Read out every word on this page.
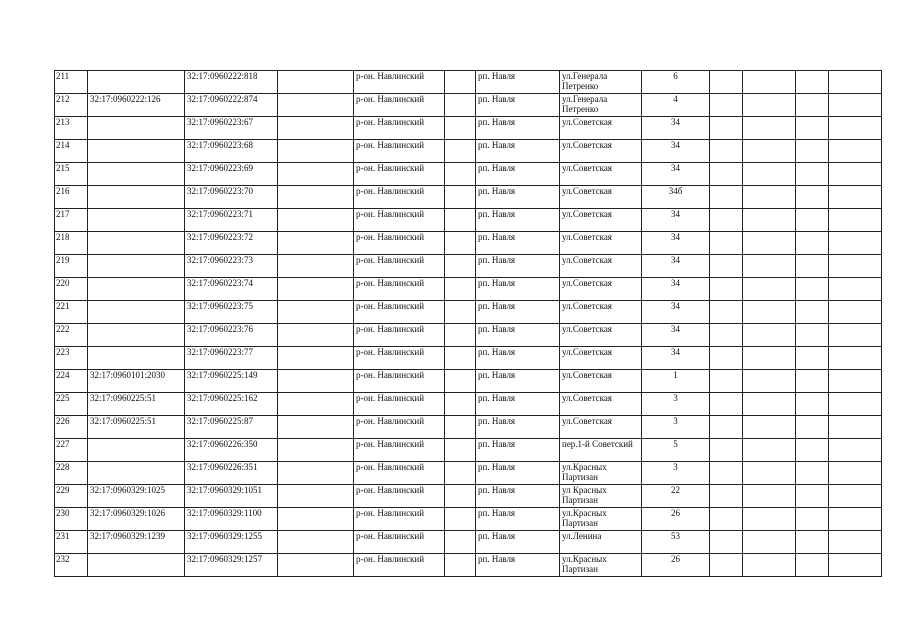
211		32:17:0960222:818		р-он. Навлинский		рп. Навля	ул.Генерала Петренко	6				
212	32:17:0960222:126	32:17:0960222:874		р-он. Навлинский		рп. Навля	ул.Генерала Петренко	4				
213		32:17:0960223:67		р-он. Навлинский		рп. Навля	ул.Советская	34				
214		32:17:0960223:68		р-он. Навлинский		рп. Навля	ул.Советская	34				
215		32:17:0960223:69		р-он. Навлинский		рп. Навля	ул.Советская	34				
216		32:17:0960223:70		р-он. Навлинский		рп. Навля	ул.Советская	34б				
217		32:17:0960223:71		р-он. Навлинский		рп. Навля	ул.Советская	34				
218		32:17:0960223:72		р-он. Навлинский		рп. Навля	ул.Советская	34				
219		32:17:0960223:73		р-он. Навлинский		рп. Навля	ул.Советская	34				
220		32:17:0960223:74		р-он. Навлинский		рп. Навля	ул.Советская	34				
221		32:17:0960223:75		р-он. Навлинский		рп. Навля	ул.Советская	34				
222		32:17:0960223:76		р-он. Навлинский		рп. Навля	ул.Советская	34				
223		32:17:0960223:77		р-он. Навлинский		рп. Навля	ул.Советская	34				
224	32:17:0960101:2030	32:17:0960225:149		р-он. Навлинский		рп. Навля	ул.Советская	1				
225	32:17:0960225:51	32:17:0960225:162		р-он. Навлинский		рп. Навля	ул.Советская	3				
226	32:17:0960225:51	32:17:0960225:87		р-он. Навлинский		рп. Навля	ул.Советская	3				
227		32:17:0960226:350		р-он. Навлинский		рп. Навля	пер.1-й Советский	5				
228		32:17:0960226:351		р-он. Навлинский		рп. Навля	ул.Красных Партизан	3				
229	32:17:0960329:1025	32:17:0960329:1051		р-он. Навлинский		рп. Навля	ул Красных Партизан	22				
230	32:17:0960329:1026	32:17:0960329:1100		р-он. Навлинский		рп. Навля	ул.Красных Партизан	26				
231	32:17:0960329:1239	32:17:0960329:1255		р-он. Навлинский		рп. Навля	ул.Ленина	53				
232		32:17:0960329:1257		р-он. Навлинский		рп. Навля	ул.Красных Партизан	26				
